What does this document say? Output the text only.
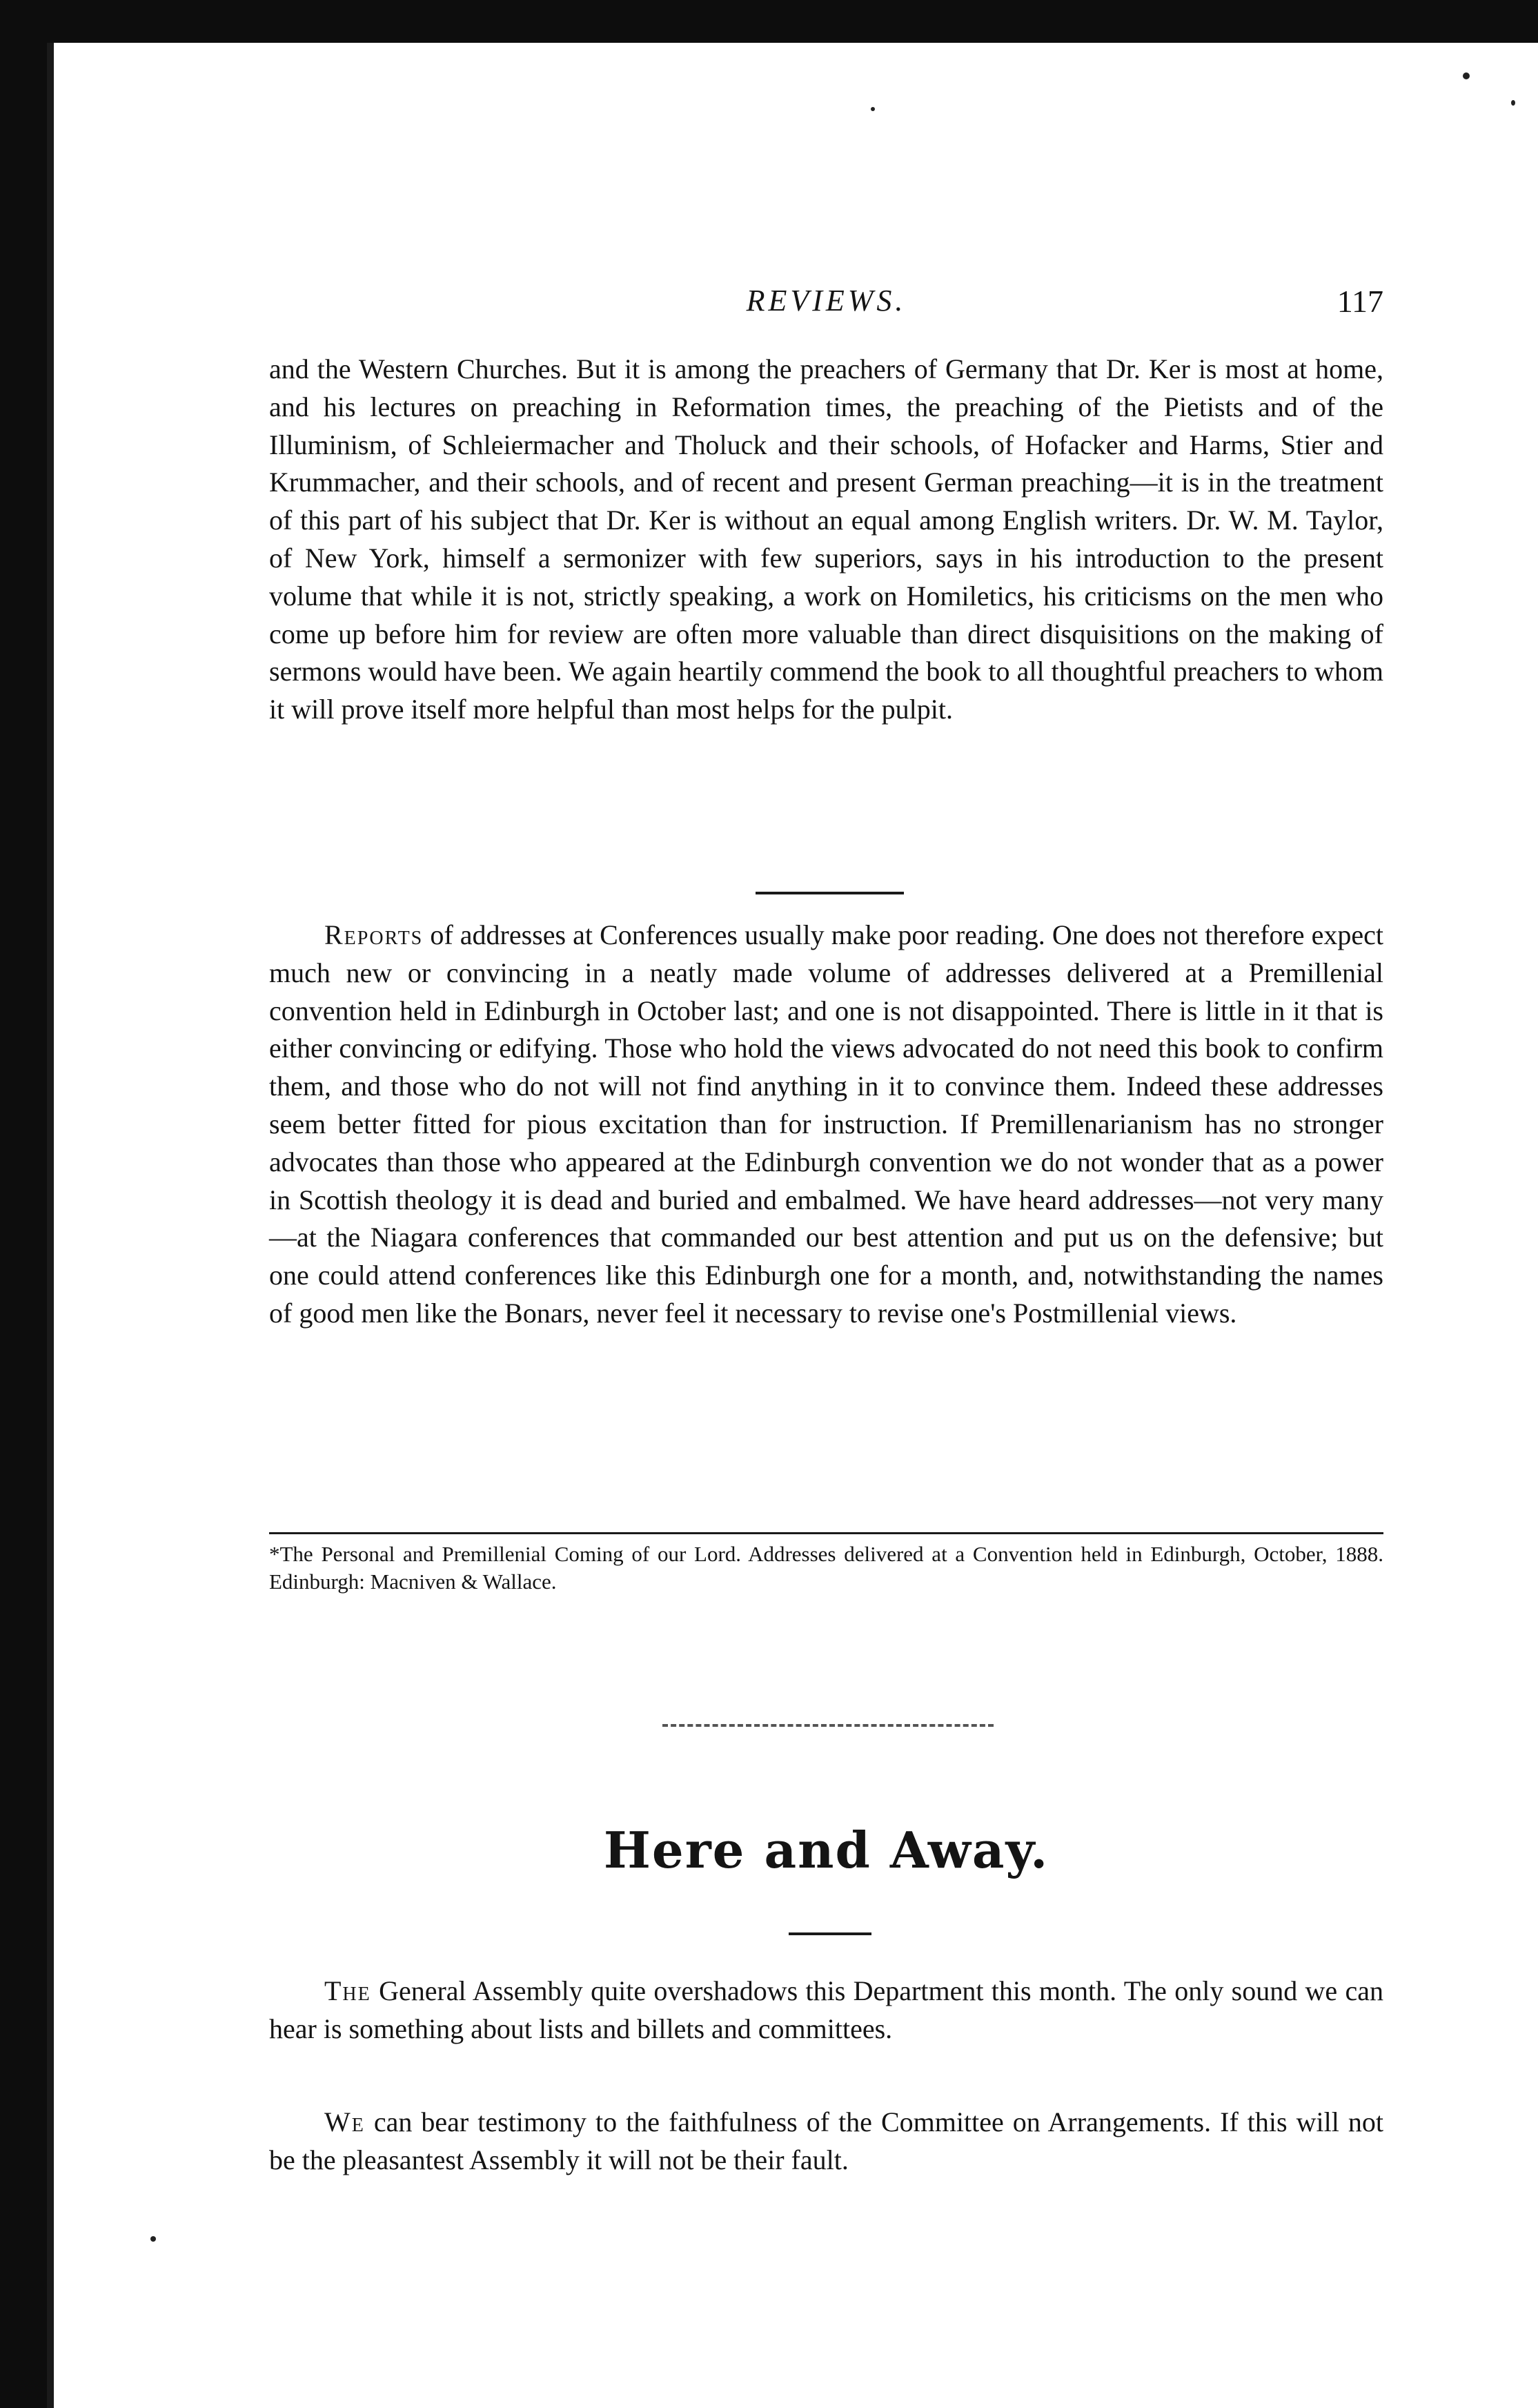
REVIEWS.	117

and the Western Churches. But it is among the preachers of Germany that Dr. Ker is most at home, and his lectures on preaching in Reformation times, the preaching of the Pietists and of the Illuminism, of Schleiermacher and Tholuck and their schools, of Hofacker and Harms, Stier and Krummacher, and their schools, and of recent and present German preaching—it is in the treatment of this part of his subject that Dr. Ker is without an equal among English writers. Dr. W. M. Taylor, of New York, himself a sermonizer with few superiors, says in his introduction to the present volume that while it is not, strictly speaking, a work on Homiletics, his criticisms on the men who come up before him for review are often more valuable than direct disquisitions on the making of sermons would have been. We again heartily commend the book to all thoughtful preachers to whom it will prove itself more helpful than most helps for the pulpit.

Reports of addresses at Conferences usually make poor reading. One does not therefore expect much new or convincing in a neatly made volume of addresses delivered at a Premillenial convention held in Edinburgh in October last; and one is not disappointed. There is little in it that is either convincing or edifying. Those who hold the views advocated do not need this book to confirm them, and those who do not will not find anything in it to convince them. Indeed these addresses seem better fitted for pious excitation than for instruction. If Premillenarianism has no stronger advocates than those who appeared at the Edinburgh convention we do not wonder that as a power in Scottish theology it is dead and buried and embalmed. We have heard addresses—not very many—at the Niagara conferences that commanded our best attention and put us on the defensive; but one could attend conferences like this Edinburgh one for a month, and, notwithstanding the names of good men like the Bonars, never feel it necessary to revise one's Postmillenial views.

*The Personal and Premillenial Coming of our Lord. Addresses delivered at a Convention held in Edinburgh, October, 1888. Edinburgh: Macniven & Wallace.

Here and Away.

The General Assembly quite overshadows this Department this month. The only sound we can hear is something about lists and billets and committees.

We can bear testimony to the faithfulness of the Committee on Arrangements. If this will not be the pleasantest Assembly it will not be their fault.
